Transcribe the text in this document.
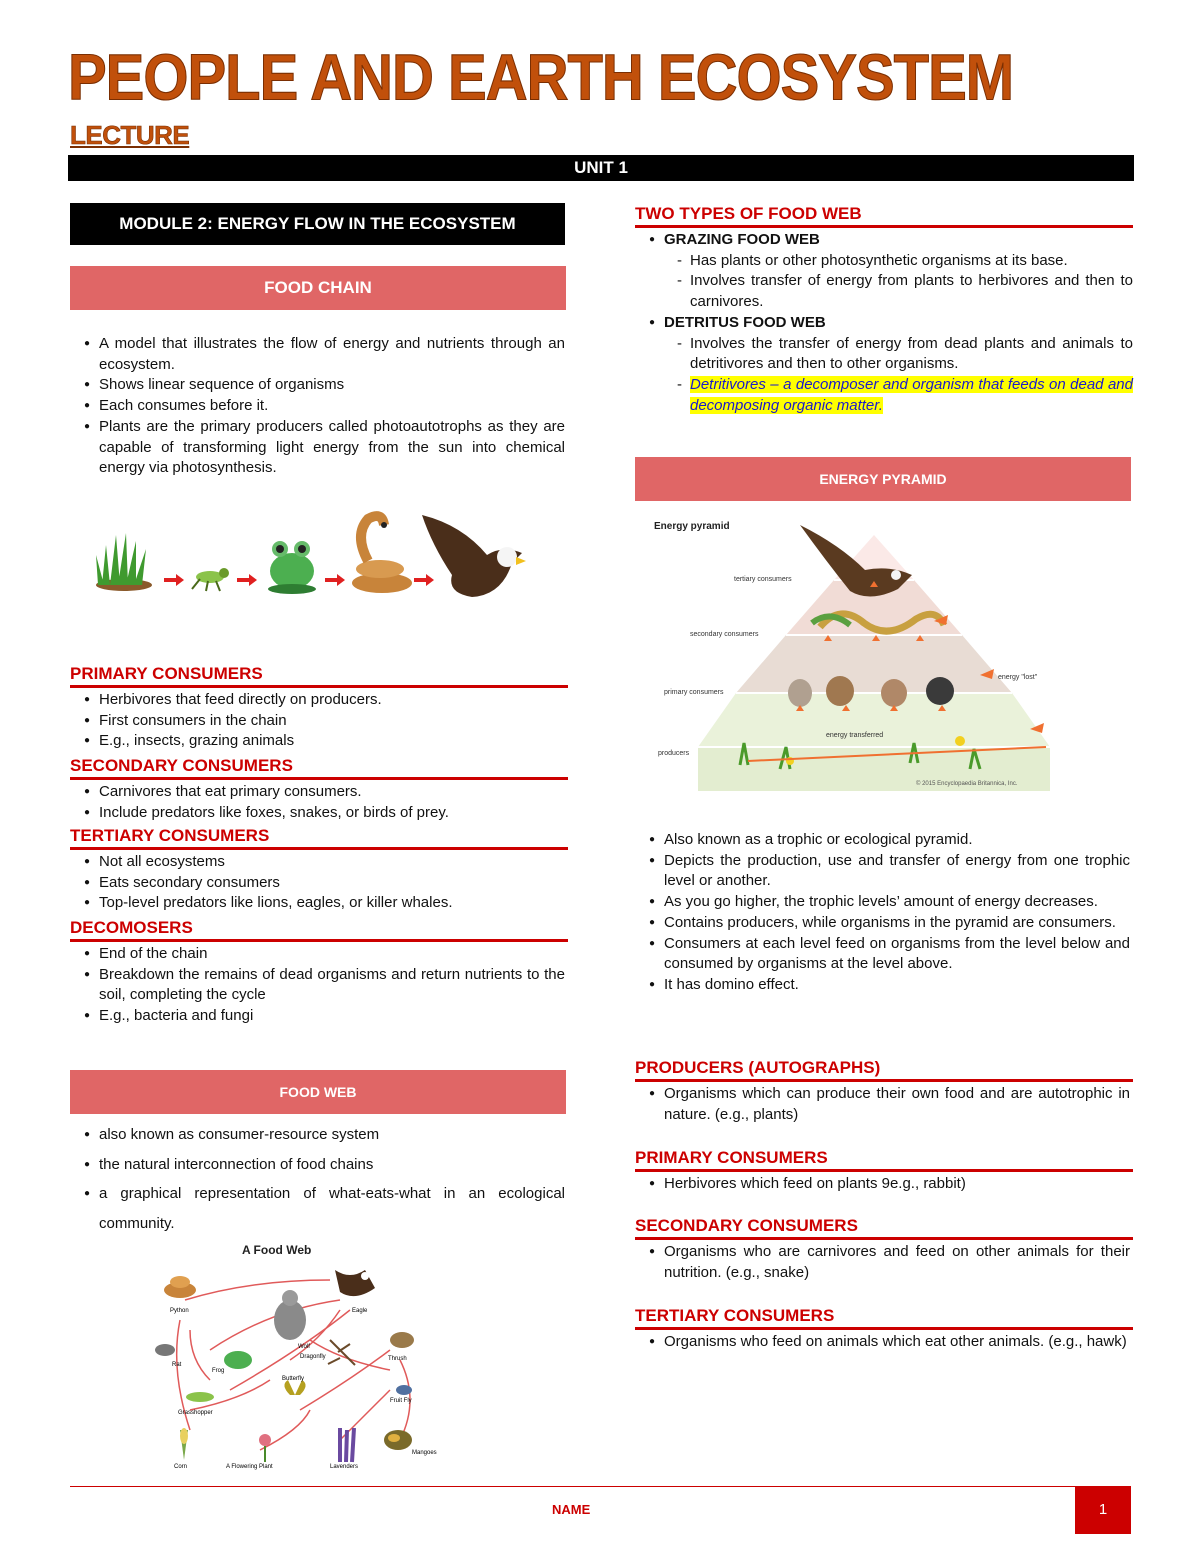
PEOPLE AND EARTH ECOSYSTEM
LECTURE
UNIT 1
MODULE 2: ENERGY FLOW IN THE ECOSYSTEM
FOOD CHAIN
● A model that illustrates the flow of energy and nutrients through an ecosystem.
● Shows linear sequence of organisms
● Each consumes before it.
● Plants are the primary producers called photoautotrophs as they are capable of transforming light energy from the sun into chemical energy via photosynthesis.
PRIMARY CONSUMERS
● Herbivores that feed directly on producers.
● First consumers in the chain
● E.g., insects, grazing animals
SECONDARY CONSUMERS
● Carnivores that eat primary consumers.
● Include predators like foxes, snakes, or birds of prey.
TERTIARY CONSUMERS
● Not all ecosystems
● Eats secondary consumers
● Top-level predators like lions, eagles, or killer whales.
DECOMOSERS
● End of the chain
● Breakdown the remains of dead organisms and return nutrients to the soil, completing the cycle
● E.g., bacteria and fungi
FOOD WEB
● also known as consumer-resource system
● the natural interconnection of food chains
● a graphical representation of what-eats-what in an ecological community.
A Food Web
Python	Eagle
Wolf
Rat
Frog
Dragonfly	Thrush
Grasshopper
Butterfly
Fruit Fly
Corn	A Flowering Plant	Lavenders
Mangoes
TWO TYPES OF FOOD WEB
● GRAZING FOOD WEB
- Has plants or other photosynthetic organisms at its base.
- Involves transfer of energy from plants to herbivores and then to carnivores.
● DETRITUS FOOD WEB
- Involves the transfer of energy from dead plants and animals to detritivores and then to other organisms.
- Detritivores – a decomposer and organism that feeds on dead and decomposing organic matter.
ENERGY PYRAMID
Energy pyramid
tertiary consumers
secondary consumers
primary consumers
producers
energy "lost"
energy transferred
© 2015 Encyclopaedia Britannica, Inc.
● Also known as a trophic or ecological pyramid.
● Depicts the production, use and transfer of energy from one trophic level or another.
● As you go higher, the trophic levels’ amount of energy decreases.
● Contains producers, while organisms in the pyramid are consumers.
● Consumers at each level feed on organisms from the level below and consumed by organisms at the level above.
● It has domino effect.
PRODUCERS (AUTOGRAPHS)
● Organisms which can produce their own food and are autotrophic in nature. (e.g., plants)
PRIMARY CONSUMERS
● Herbivores which feed on plants 9e.g., rabbit)
SECONDARY CONSUMERS
● Organisms who are carnivores and feed on other animals for their nutrition. (e.g., snake)
TERTIARY CONSUMERS
● Organisms who feed on animals which eat other animals. (e.g., hawk)
NAME	1
